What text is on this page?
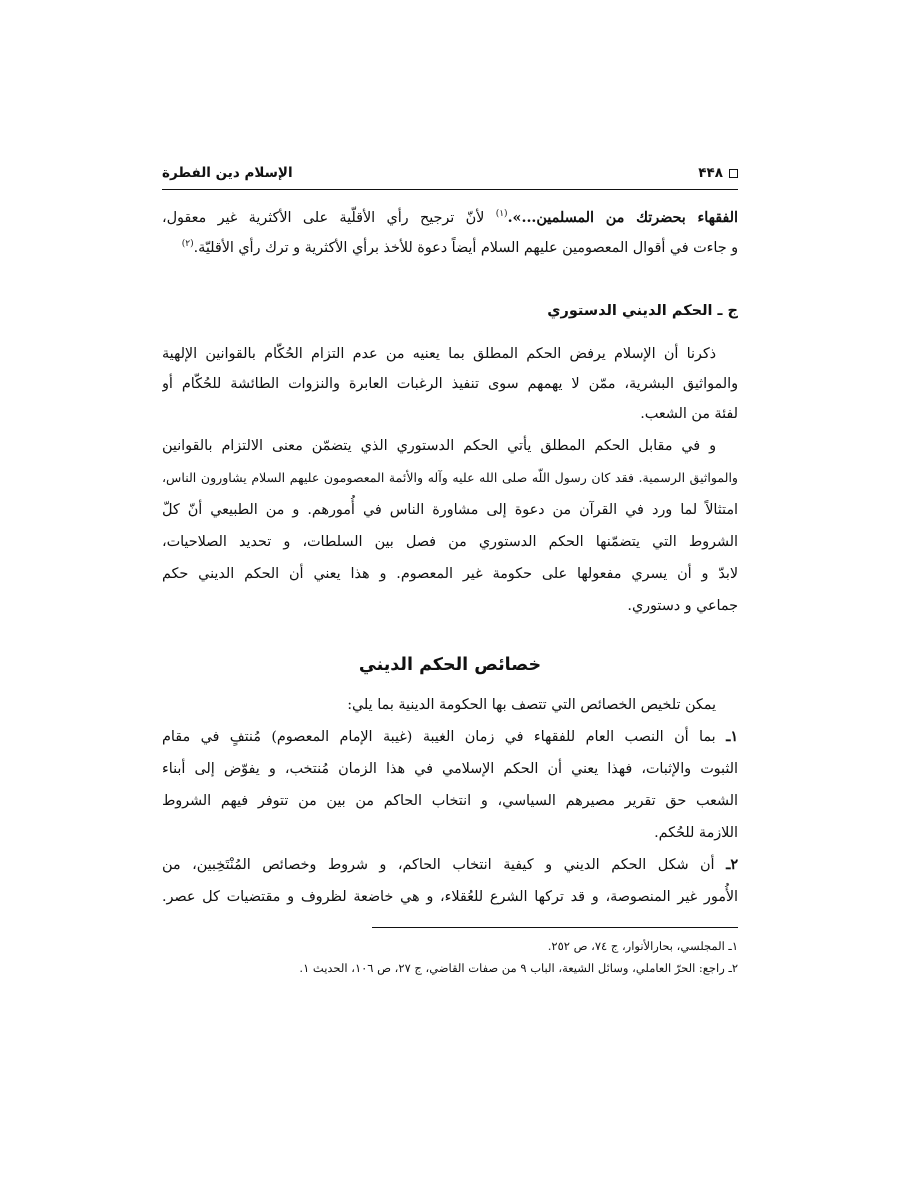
۴۴۸
الإسلام دين الفطرة
الفقهاء بحضرتك من المسلمين...».$^{(١)}$ لأنّ ترجيح رأي الأقلّية على الأكثرية غير معقول،
و جاءت في أقوال المعصومين عليهم السلام أيضاً دعوة للأخذ برأي الأكثرية و ترك رأي الأقليّة.$^{(٢)}$
ج ـ الحكم الديني الدستوري
ذكرنا أن الإسلام يرفض الحكم المطلق بما يعنيه من عدم التزام الحُكّام بالقوانين الإلهية
والمواثيق البشرية، ممّن لا يهمهم سوى تنفيذ الرغبات العابرة والنزوات الطائشة للحُكّام أو
لفئة من الشعب.
و في مقابل الحكم المطلق يأتي الحكم الدستوري الذي يتضمّن معنى الالتزام بالقوانين
والمواثيق الرسمية. فقد كان رسول اللّه صلى الله عليه وآله والأئمة المعصومون عليهم السلام يشاورون الناس،
امتثالاً لما ورد في القرآن من دعوة إلى مشاورة الناس في أُمورهم. و من الطبيعي أنّ كلّ
الشروط التي يتضمّنها الحكم الدستوري من فصل بين السلطات، و تحديد الصلاحيات،
لابدّ و أن يسري مفعولها على حكومة غير المعصوم. و هذا يعني أن الحكم الديني حكم
جماعي و دستوري.
خصائص الحكم الديني
يمكن تلخيص الخصائص التي تتصف بها الحكومة الدينية بما يلي:
١ـ بما أن النصب العام للفقهاء في زمان الغيبة (غيبة الإمام المعصوم) مُنتفٍ في مقام
الثبوت والإثبات، فهذا يعني أن الحكم الإسلامي في هذا الزمان مُنتخب، و يفوّض إلى أبناء
الشعب حق تقرير مصيرهم السياسي، و انتخاب الحاكم من بين من تتوفر فيهم الشروط
اللازمة للحُكم.
٢ـ أن شكل الحكم الديني و كيفية انتخاب الحاكم، و شروط وخصائص المُنْتَخِبين، من
الأُمور غير المنصوصة، و قد تركها الشرع للعُقلاء، و هي خاضعة لظروف و مقتضيات كل عصر.
١ـ المجلسي، بحارالأنوار، ج ٧٤، ص ٢٥٢.
٢ـ راجع: الحرّ العاملي، وسائل الشيعة، الباب ٩ من صفات القاضي، ج ٢٧، ص ١٠٦، الحديث ١.
